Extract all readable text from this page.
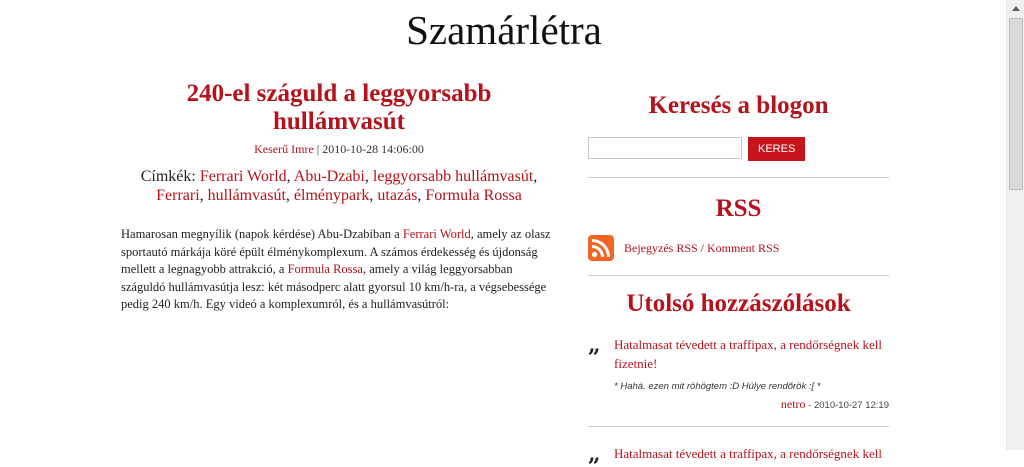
Szamárlétra
240-el száguld a leggyorsabb hullámvasút
Keserű Imre | 2010-10-28 14:06:00
Címkék: Ferrari World, Abu-Dzabi, leggyorsabb hullámvasút, Ferrari, hullámvasút, élménypark, utazás, Formula Rossa
Hamarosan megnyílik (napok kérdése) Abu-Dzabiban a Ferrari World, amely az olasz sportautó márkája köré épült élménykomplexum. A számos érdekesség és újdonság mellett a legnagyobb attrakció, a Formula Rossa, amely a világ leggyorsabban száguldó hullámvasútja lesz: két másodperc alatt gyorsul 10 km/h-ra, a végsebessége pedig 240 km/h. Egy videó a komplexumról, és a hullámvasútról:
Keresés a blogon
KERES
RSS
Bejegyzés RSS / Komment RSS
Utolsó hozzászólások
„ Hatalmasat tévedett a traffipax, a rendőrségnek kell fizetnie!
* Hahá. ezen mit röhögtem :D Hülye rendőrök :[ *
netro - 2010-10-27 12:19
„ Hatalmasat tévedett a traffipax, a rendőrségnek kell
